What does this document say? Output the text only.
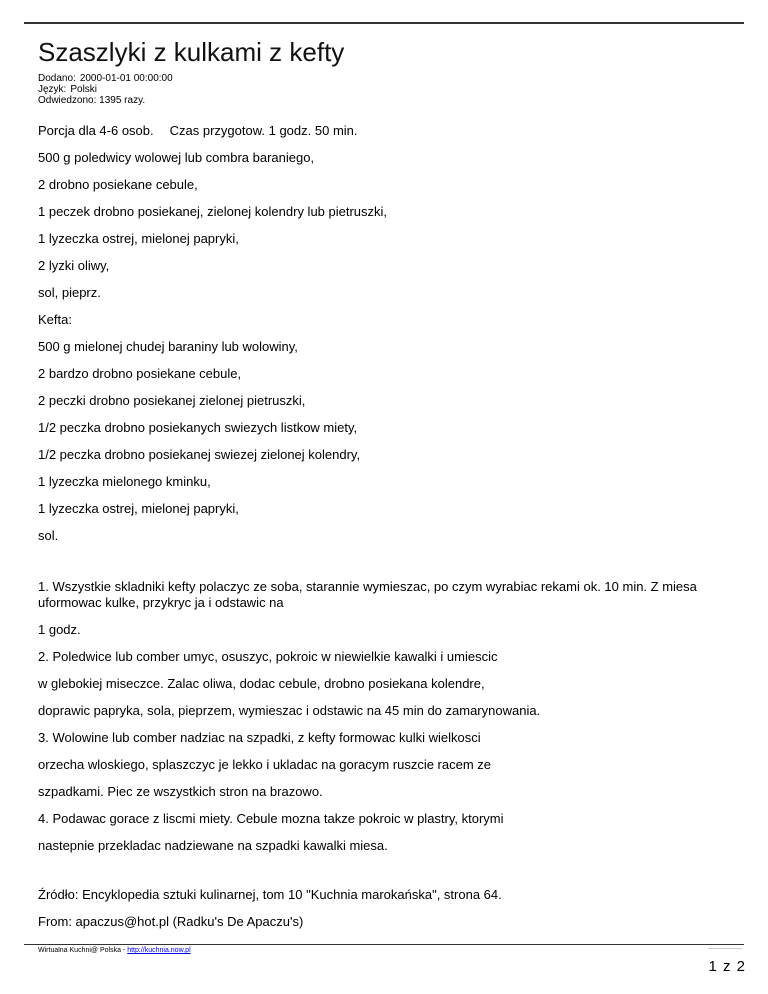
Szaszlyki z kulkami z kefty
Dodano: 2000-01-01 00:00:00
Język: Polski
Odwiedzono: 1395 razy.

Porcja dla 4-6 osob. Czas przygotow. 1 godz. 50 min.

500 g poledwicy wolowej lub combra baraniego,

2 drobno posiekane cebule,

1 peczek drobno posiekanej, zielonej kolendry lub pietruszki,

1 lyzeczka ostrej, mielonej papryki,

2 lyzki oliwy,

sol, pieprz.

Kefta:

500 g mielonej chudej baraniny lub wolowiny,

2 bardzo drobno posiekane cebule,

2 peczki drobno posiekanej zielonej pietruszki,

1/2 peczka drobno posiekanych swiezych listkow miety,

1/2 peczka drobno posiekanej swiezej zielonej kolendry,

1 lyzeczka mielonego kminku,

1 lyzeczka ostrej, mielonej papryki,

sol.

1. Wszystkie skladniki kefty polaczyc ze soba, starannie wymieszac, po czym wyrabiac rekami ok. 10 min. Z miesa uformowac kulke, przykryc ja i odstawic na

1 godz.

2. Poledwice lub comber umyc, osuszyc, pokroic w niewielkie kawalki i umiescic

w glebokiej miseczce. Zalac oliwa, dodac cebule, drobno posiekana kolendre,

doprawic papryka, sola, pieprzem, wymieszac i odstawic na 45 min do zamarynowania.

3. Wolowine lub comber nadziac na szpadki, z kefty formowac kulki wielkosci

orzecha wloskiego, splaszczyc je lekko i ukladac na goracym ruszcie racem ze

szpadkami. Piec ze wszystkich stron na brazowo.

4. Podawac gorace z liscmi miety. Cebule mozna takze pokroic w plastry, ktorymi

nastepnie przekladac nadziewane na szpadki kawalki miesa.

Źródło: Encyklopedia sztuki kulinarnej, tom 10 "Kuchnia marokańska", strona 64.

From: apaczus@hot.pl (Radku's De Apaczu's)

Wirtualna Kuchni@ Polska - http://kuchnia.now.pl
1 z 2
